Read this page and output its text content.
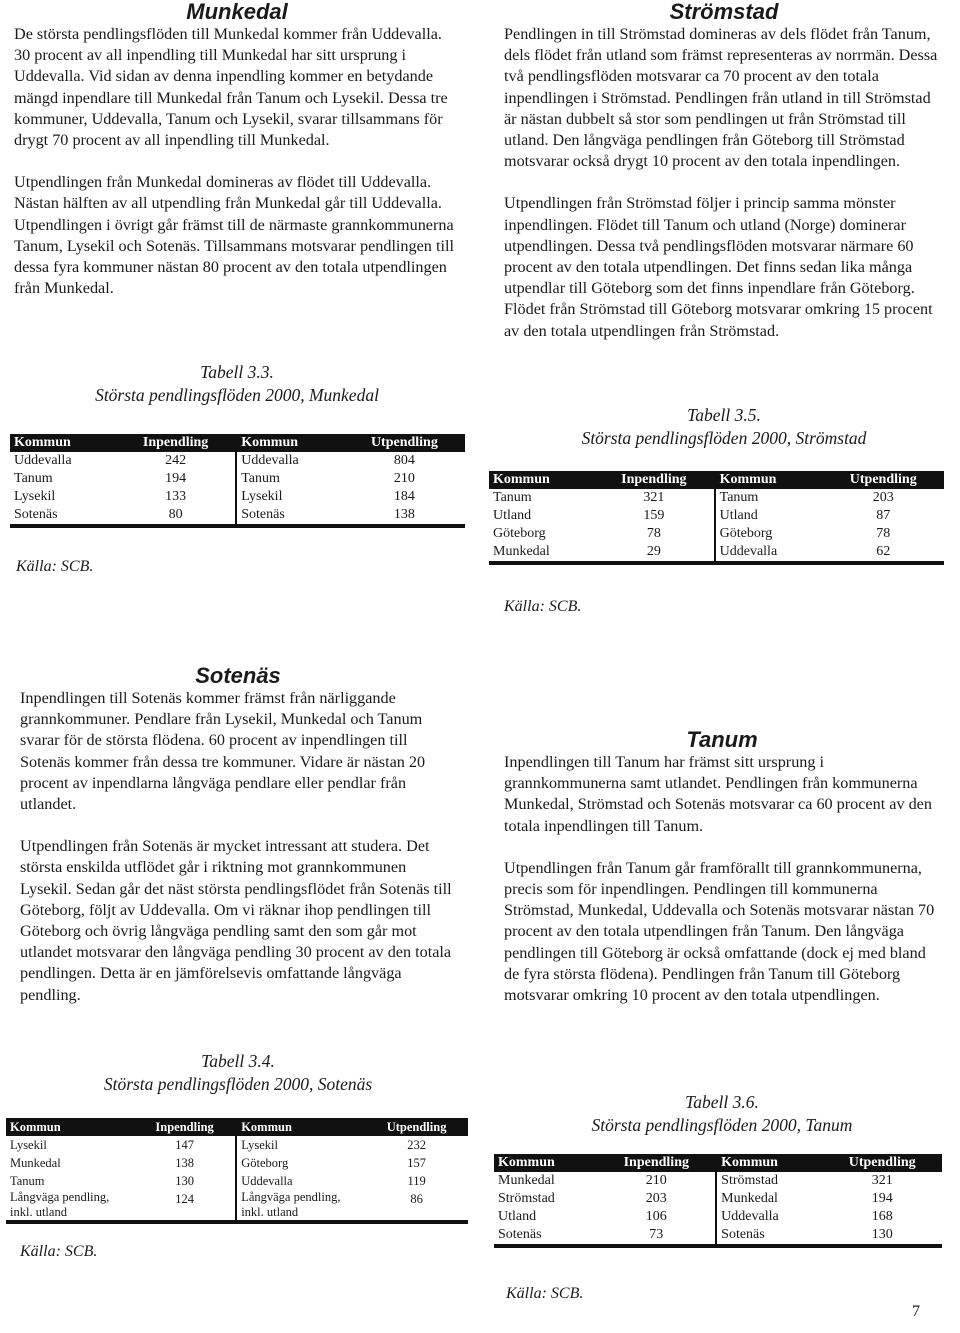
Munkedal

De största pendlingsflöden till Munkedal kommer från Uddevalla. 30 procent av all inpendling till Munkedal har sitt ursprung i Uddevalla. Vid sidan av denna inpendling kommer en betydande mängd inpendlare till Munkedal från Tanum och Lysekil. Dessa tre kommuner, Uddevalla, Tanum och Lysekil, svarar tillsammans för drygt 70 procent av all inpendling till Munkedal.

Utpendlingen från Munkedal domineras av flödet till Uddevalla. Nästan hälften av all utpendling från Munkedal går till Uddevalla. Utpendlingen i övrigt går främst till de närmaste grannkommunerna Tanum, Lysekil och Sotenäs. Tillsammans motsvarar pendlingen till dessa fyra kommuner nästan 80 procent av den totala utpendlingen från Munkedal.

Tabell 3.3.
Största pendlingsflöden 2000, Munkedal
Kommun	Inpendling	Kommun	Utpendling
Uddevalla	242	Uddevalla	804
Tanum	194	Tanum	210
Lysekil	133	Lysekil	184
Sotenäs	80	Sotenäs	138
Källa: SCB.
Strömstad

Pendlingen in till Strömstad domineras av dels flödet från Tanum, dels flödet från utland som främst representeras av norrmän. Dessa två pendlingsflöden motsvarar ca 70 procent av den totala inpendlingen i Strömstad. Pendlingen från utland in till Strömstad är nästan dubbelt så stor som pendlingen ut från Strömstad till utland. Den långväga pendlingen från Göteborg till Strömstad motsvarar också drygt 10 procent av den totala inpendlingen.

Utpendlingen från Strömstad följer i princip samma mönster inpendlingen. Flödet till Tanum och utland (Norge) dominerar utpendlingen. Dessa två pendlingsflöden motsvarar närmare 60 procent av den totala utpendlingen. Det finns sedan lika många utpendlar till Göteborg som det finns inpendlare från Göteborg. Flödet från Strömstad till Göteborg motsvarar omkring 15 procent av den totala utpendlingen från Strömstad.

Tabell 3.5.
Största pendlingsflöden 2000, Strömstad
Kommun	Inpendling	Kommun	Utpendling
Tanum	321	Tanum	203
Utland	159	Utland	87
Göteborg	78	Göteborg	78
Munkedal	29	Uddevalla	62
Källa: SCB.
Sotenäs

Inpendlingen till Sotenäs kommer främst från närliggande grannkommuner. Pendlare från Lysekil, Munkedal och Tanum svarar för de största flödena. 60 procent av inpendlingen till Sotenäs kommer från dessa tre kommuner. Vidare är nästan 20 procent av inpendlarna långväga pendlare eller pendlar från utlandet.

Utpendlingen från Sotenäs är mycket intressant att studera. Det största enskilda utflödet går i riktning mot grannkommunen Lysekil. Sedan går det näst största pendlingsflödet från Sotenäs till Göteborg, följt av Uddevalla. Om vi räknar ihop pendlingen till Göteborg och övrig långväga pendling samt den som går mot utlandet motsvarar den långväga pendling 30 procent av den totala pendlingen. Detta är en jämförelsevis omfattande långväga pendling.

Tabell 3.4.
Största pendlingsflöden 2000, Sotenäs
Kommun	Inpendling	Kommun	Utpendling
Lysekil	147	Lysekil	232
Munkedal	138	Göteborg	157
Tanum	130	Uddevalla	119
Långväga pendling, inkl. utland	124	Långväga pendling, inkl. utland	86
Källa: SCB.
Tanum

Inpendlingen till Tanum har främst sitt ursprung i grannkommunerna samt utlandet. Pendlingen från kommunerna Munkedal, Strömstad och Sotenäs motsvarar ca 60 procent av den totala inpendlingen till Tanum.

Utpendlingen från Tanum går framförallt till grannkommunerna, precis som för inpendlingen. Pendlingen till kommunerna Strömstad, Munkedal, Uddevalla och Sotenäs motsvarar nästan 70 procent av den totala utpendlingen från Tanum. Den långväga pendlingen till Göteborg är också omfattande (dock ej med bland de fyra största flödena). Pendlingen från Tanum till Göteborg motsvarar omkring 10 procent av den totala utpendlingen.

Tabell 3.6.
Största pendlingsflöden 2000, Tanum
Kommun	Inpendling	Kommun	Utpendling
Munkedal	210	Strömstad	321
Strömstad	203	Munkedal	194
Utland	106	Uddevalla	168
Sotenäs	73	Sotenäs	130
Källa: SCB.
7
